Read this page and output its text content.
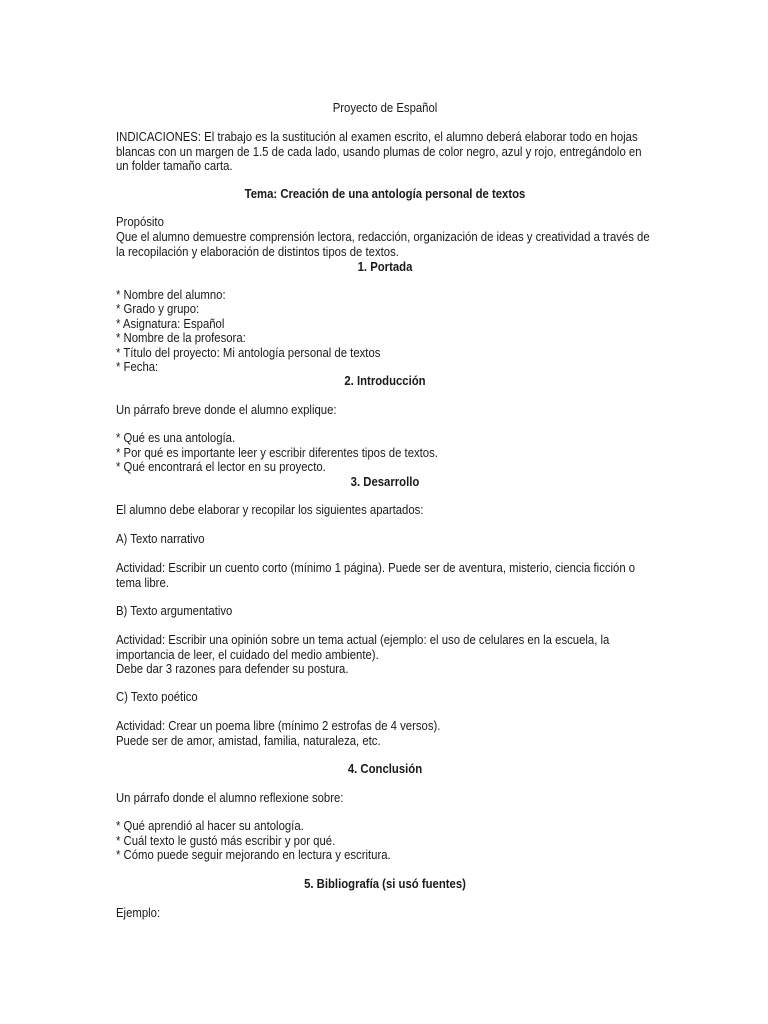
Proyecto de Español
INDICACIONES: El trabajo es la sustitución al examen escrito, el alumno deberá elaborar todo en hojas blancas con un margen de 1.5 de cada lado, usando plumas de color negro, azul y rojo, entregándolo en un folder tamaño carta.
Tema: Creación de una antología personal de textos
Propósito
Que el alumno demuestre comprensión lectora, redacción, organización de ideas y creatividad a través de la recopilación y elaboración de distintos tipos de textos.
1. Portada
* Nombre del alumno:
* Grado y grupo:
* Asignatura: Español
* Nombre de la profesora:
* Título del proyecto: Mi antología personal de textos
* Fecha:
2. Introducción
Un párrafo breve donde el alumno explique:
* Qué es una antología.
* Por qué es importante leer y escribir diferentes tipos de textos.
* Qué encontrará el lector en su proyecto.
3. Desarrollo
El alumno debe elaborar y recopilar los siguientes apartados:
A) Texto narrativo
Actividad: Escribir un cuento corto (mínimo 1 página). Puede ser de aventura, misterio, ciencia ficción o tema libre.
B) Texto argumentativo
Actividad: Escribir una opinión sobre un tema actual (ejemplo: el uso de celulares en la escuela, la importancia de leer, el cuidado del medio ambiente).
Debe dar 3 razones para defender su postura.
C) Texto poético
Actividad: Crear un poema libre (mínimo 2 estrofas de 4 versos).
Puede ser de amor, amistad, familia, naturaleza, etc.
4. Conclusión
Un párrafo donde el alumno reflexione sobre:
* Qué aprendió al hacer su antología.
* Cuál texto le gustó más escribir y por qué.
* Cómo puede seguir mejorando en lectura y escritura.
5. Bibliografía (si usó fuentes)
Ejemplo:
